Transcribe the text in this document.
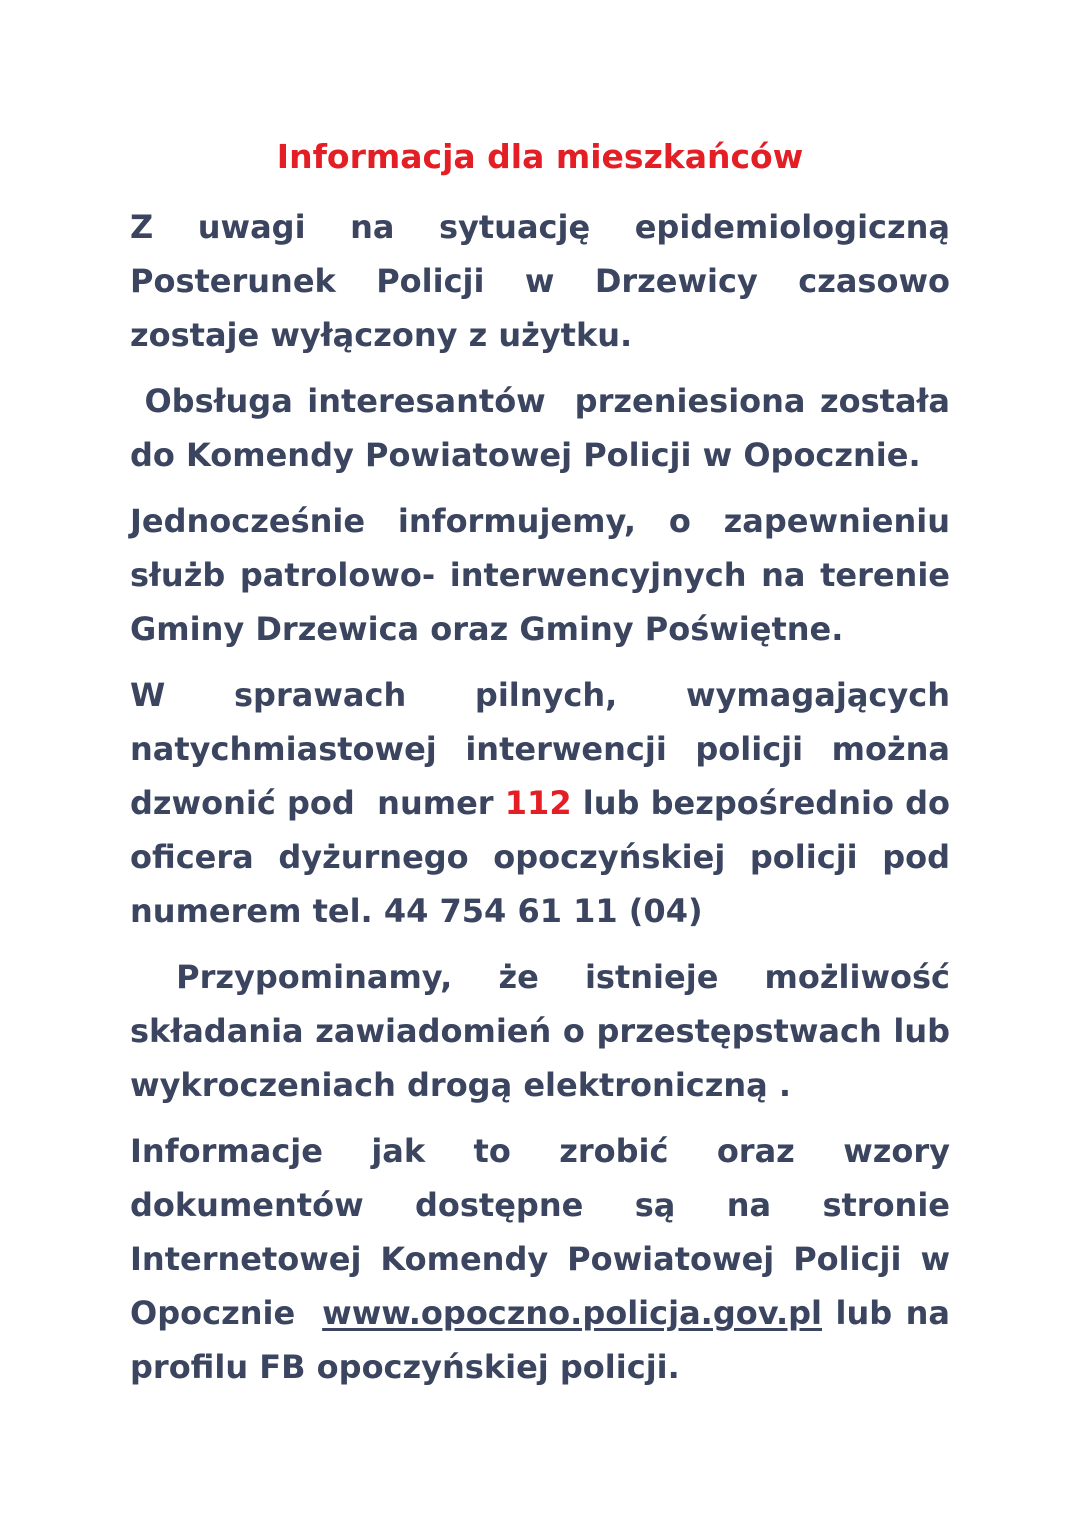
Informacja dla mieszkańców

Z uwagi na sytuację epidemiologiczną Posterunek Policji w Drzewicy czasowo zostaje wyłączony z użytku.

Obsługa interesantów  przeniesiona została do Komendy Powiatowej Policji w Opocznie.

Jednocześnie informujemy, o zapewnieniu służb patrolowo- interwencyjnych na terenie Gminy Drzewica oraz Gminy Poświętne.

W sprawach pilnych, wymagających natychmiastowej interwencji policji można dzwonić pod  numer 112 lub bezpośrednio do oficera dyżurnego opoczyńskiej policji pod numerem tel. 44 754 61 11 (04)

Przypominamy, że istnieje możliwość składania zawiadomień o przestępstwach lub wykroczeniach drogą elektroniczną .

Informacje jak to zrobić oraz wzory dokumentów dostępne są na stronie Internetowej Komendy Powiatowej Policji w Opocznie  www.opoczno.policja.gov.pl lub na profilu FB opoczyńskiej policji.
